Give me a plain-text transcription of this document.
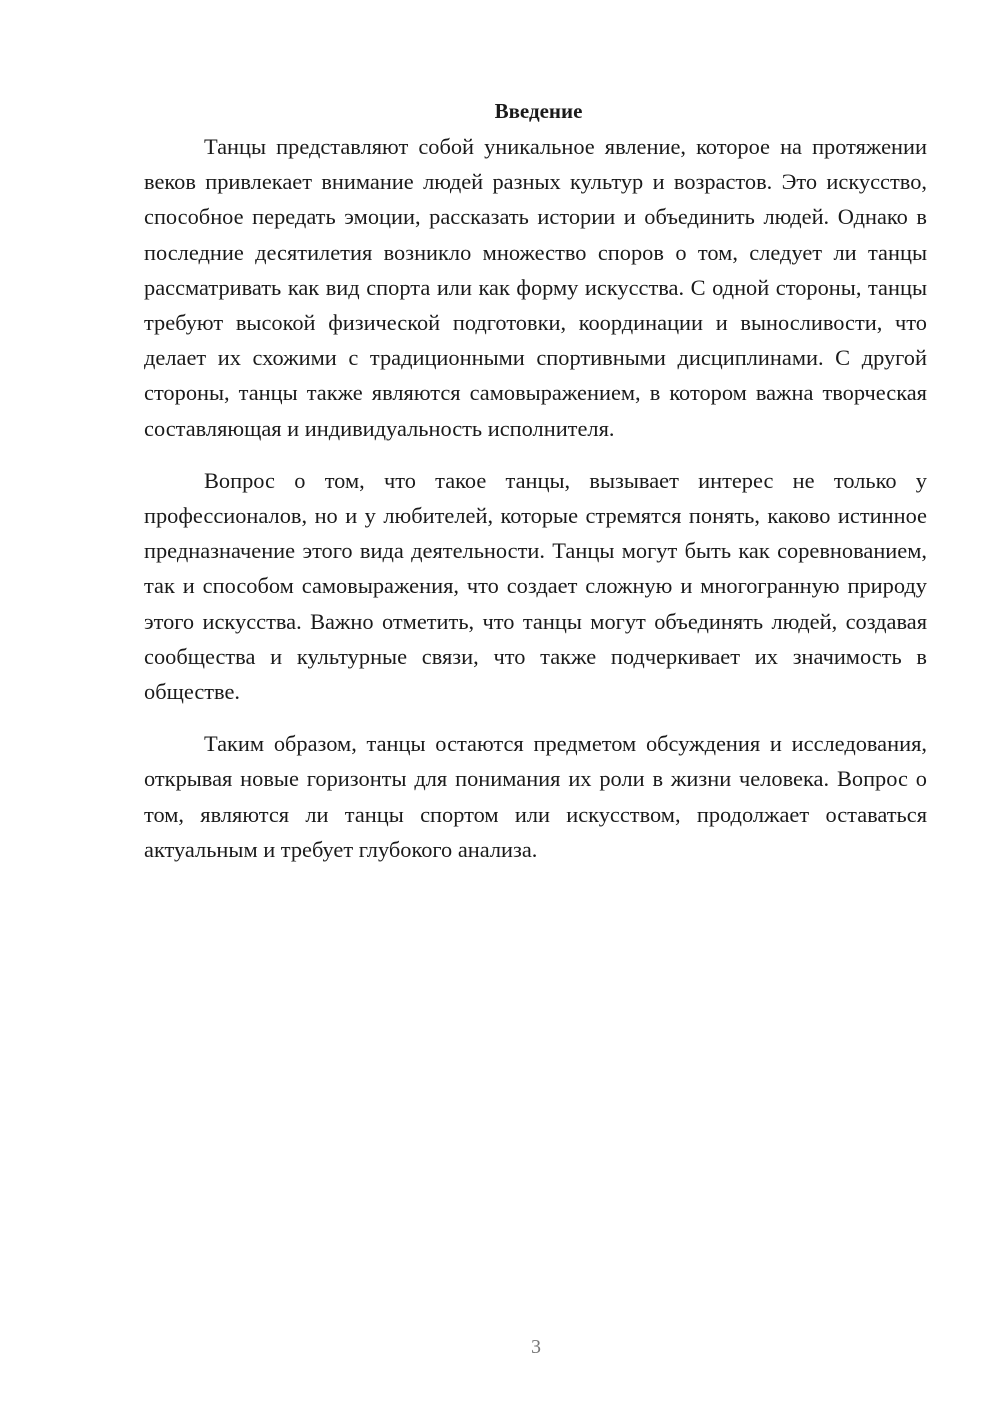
Введение

Танцы представляют собой уникальное явление, которое на протяжении веков привлекает внимание людей разных культур и возрастов. Это искусство, способное передать эмоции, рассказать истории и объединить людей. Однако в последние десятилетия возникло множество споров о том, следует ли танцы рассматривать как вид спорта или как форму искусства. С одной стороны, танцы требуют высокой физической подготовки, координации и выносливости, что делает их схожими с традиционными спортивными дисциплинами. С другой стороны, танцы также являются самовыражением, в котором важна творческая составляющая и индивидуальность исполнителя.

Вопрос о том, что такое танцы, вызывает интерес не только у профессионалов, но и у любителей, которые стремятся понять, каково истинное предназначение этого вида деятельности. Танцы могут быть как соревнованием, так и способом самовыражения, что создает сложную и многогранную природу этого искусства. Важно отметить, что танцы могут объединять людей, создавая сообщества и культурные связи, что также подчеркивает их значимость в обществе.

Таким образом, танцы остаются предметом обсуждения и исследования, открывая новые горизонты для понимания их роли в жизни человека. Вопрос о том, являются ли танцы спортом или искусством, продолжает оставаться актуальным и требует глубокого анализа.

3
